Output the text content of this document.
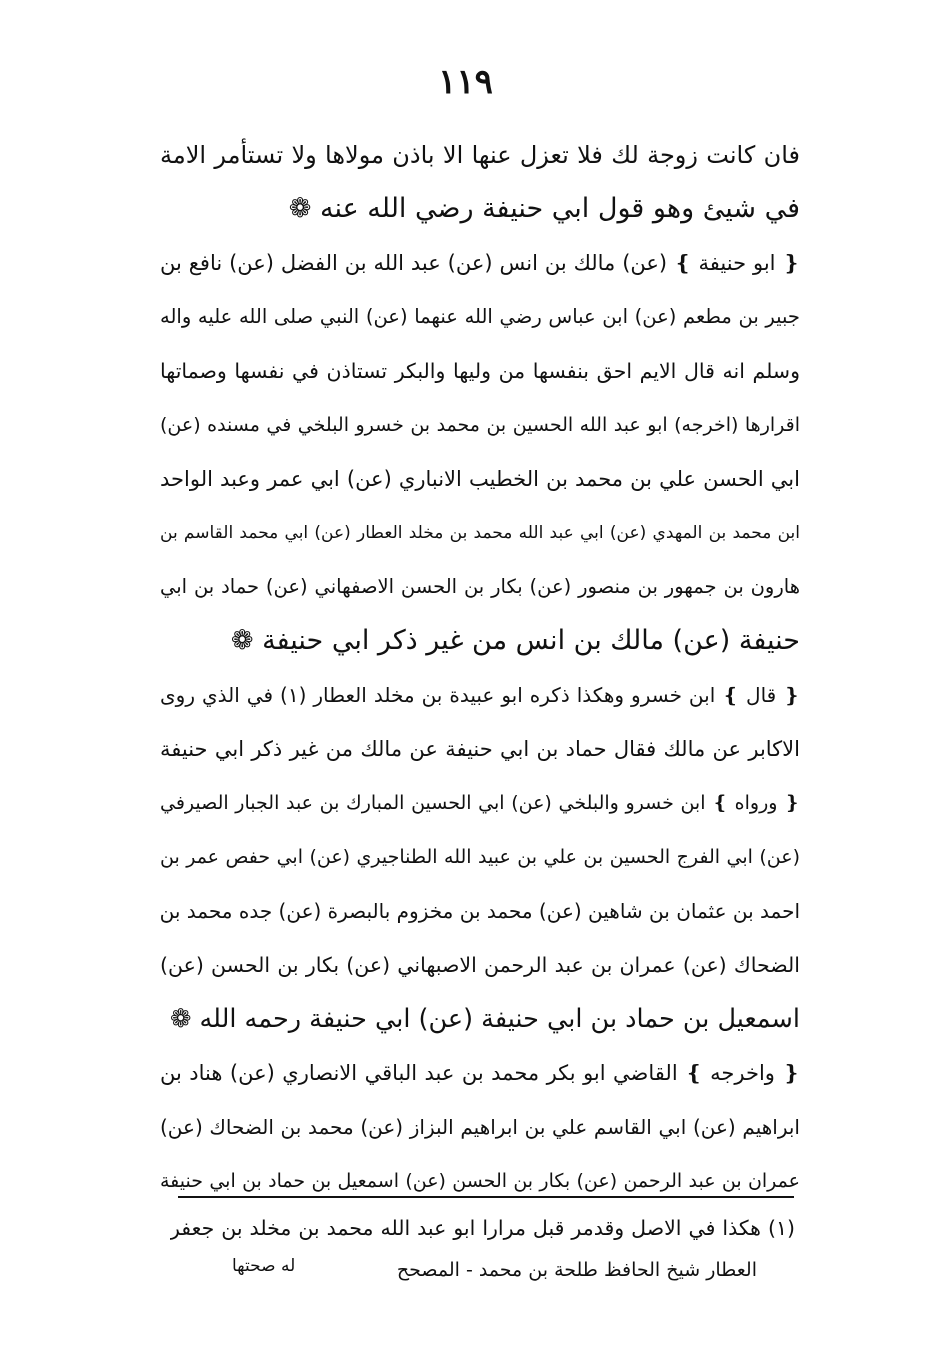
١١٩
فان كانت زوجة لك فلا تعزل عنها الا باذن مولاها ولا تستأمر الامة
في شيئ وهو قول ابي حنيفة رضي الله عنه ❁
❴ ابو حنيفة ❵ (عن) مالك بن انس (عن) عبد الله بن الفضل (عن) نافع بن
جبير بن مطعم (عن) ابن عباس رضي الله عنهما (عن) النبي صلى الله عليه واله
وسلم انه قال الايم احق بنفسها من وليها والبكر تستاذن في نفسها وصماتها
اقرارها (اخرجه) ابو عبد الله الحسين بن محمد بن خسرو البلخي في مسنده (عن)
ابي الحسن علي بن محمد بن الخطيب الانباري (عن) ابي عمر وعبد الواحد
ابن محمد بن المهدي (عن) ابي عبد الله محمد بن مخلد العطار (عن) ابي محمد القاسم بن
هارون بن جمهور بن منصور (عن) بكار بن الحسن الاصفهاني (عن) حماد بن ابي
حنيفة (عن) مالك بن انس من غير ذكر ابي حنيفة ❁
❴ قال ❵ ابن خسرو وهكذا ذكره ابو عبيدة بن مخلد العطار (١) في الذي روى
الاكابر عن مالك فقال حماد بن ابي حنيفة عن مالك من غير ذكر ابي حنيفة
❴ ورواه ❵ ابن خسرو والبلخي (عن) ابي الحسين المبارك بن عبد الجبار الصيرفي
(عن) ابي الفرج الحسين بن علي بن عبيد الله الطناجيري (عن) ابي حفص عمر بن
احمد بن عثمان بن شاهين (عن) محمد بن مخزوم بالبصرة (عن) جده محمد بن
الضحاك (عن) عمران بن عبد الرحمن الاصبهاني (عن) بكار بن الحسن (عن)
اسمعيل بن حماد بن ابي حنيفة (عن) ابي حنيفة رحمه الله ❁
❴ واخرجه ❵ القاضي ابو بكر محمد بن عبد الباقي الانصاري (عن) هناد بن
ابراهيم (عن) ابي القاسم علي بن ابراهيم البزاز (عن) محمد بن الضحاك (عن)
عمران بن عبد الرحمن (عن) بكار بن الحسن (عن) اسمعيل بن حماد بن ابي حنيفة
(١) هكذا في الاصل وقدمر قبل مرارا ابو عبد الله محمد بن مخلد بن جعفر
العطار شيخ الحافظ طلحة بن محمد - المصحح
له صحتها
